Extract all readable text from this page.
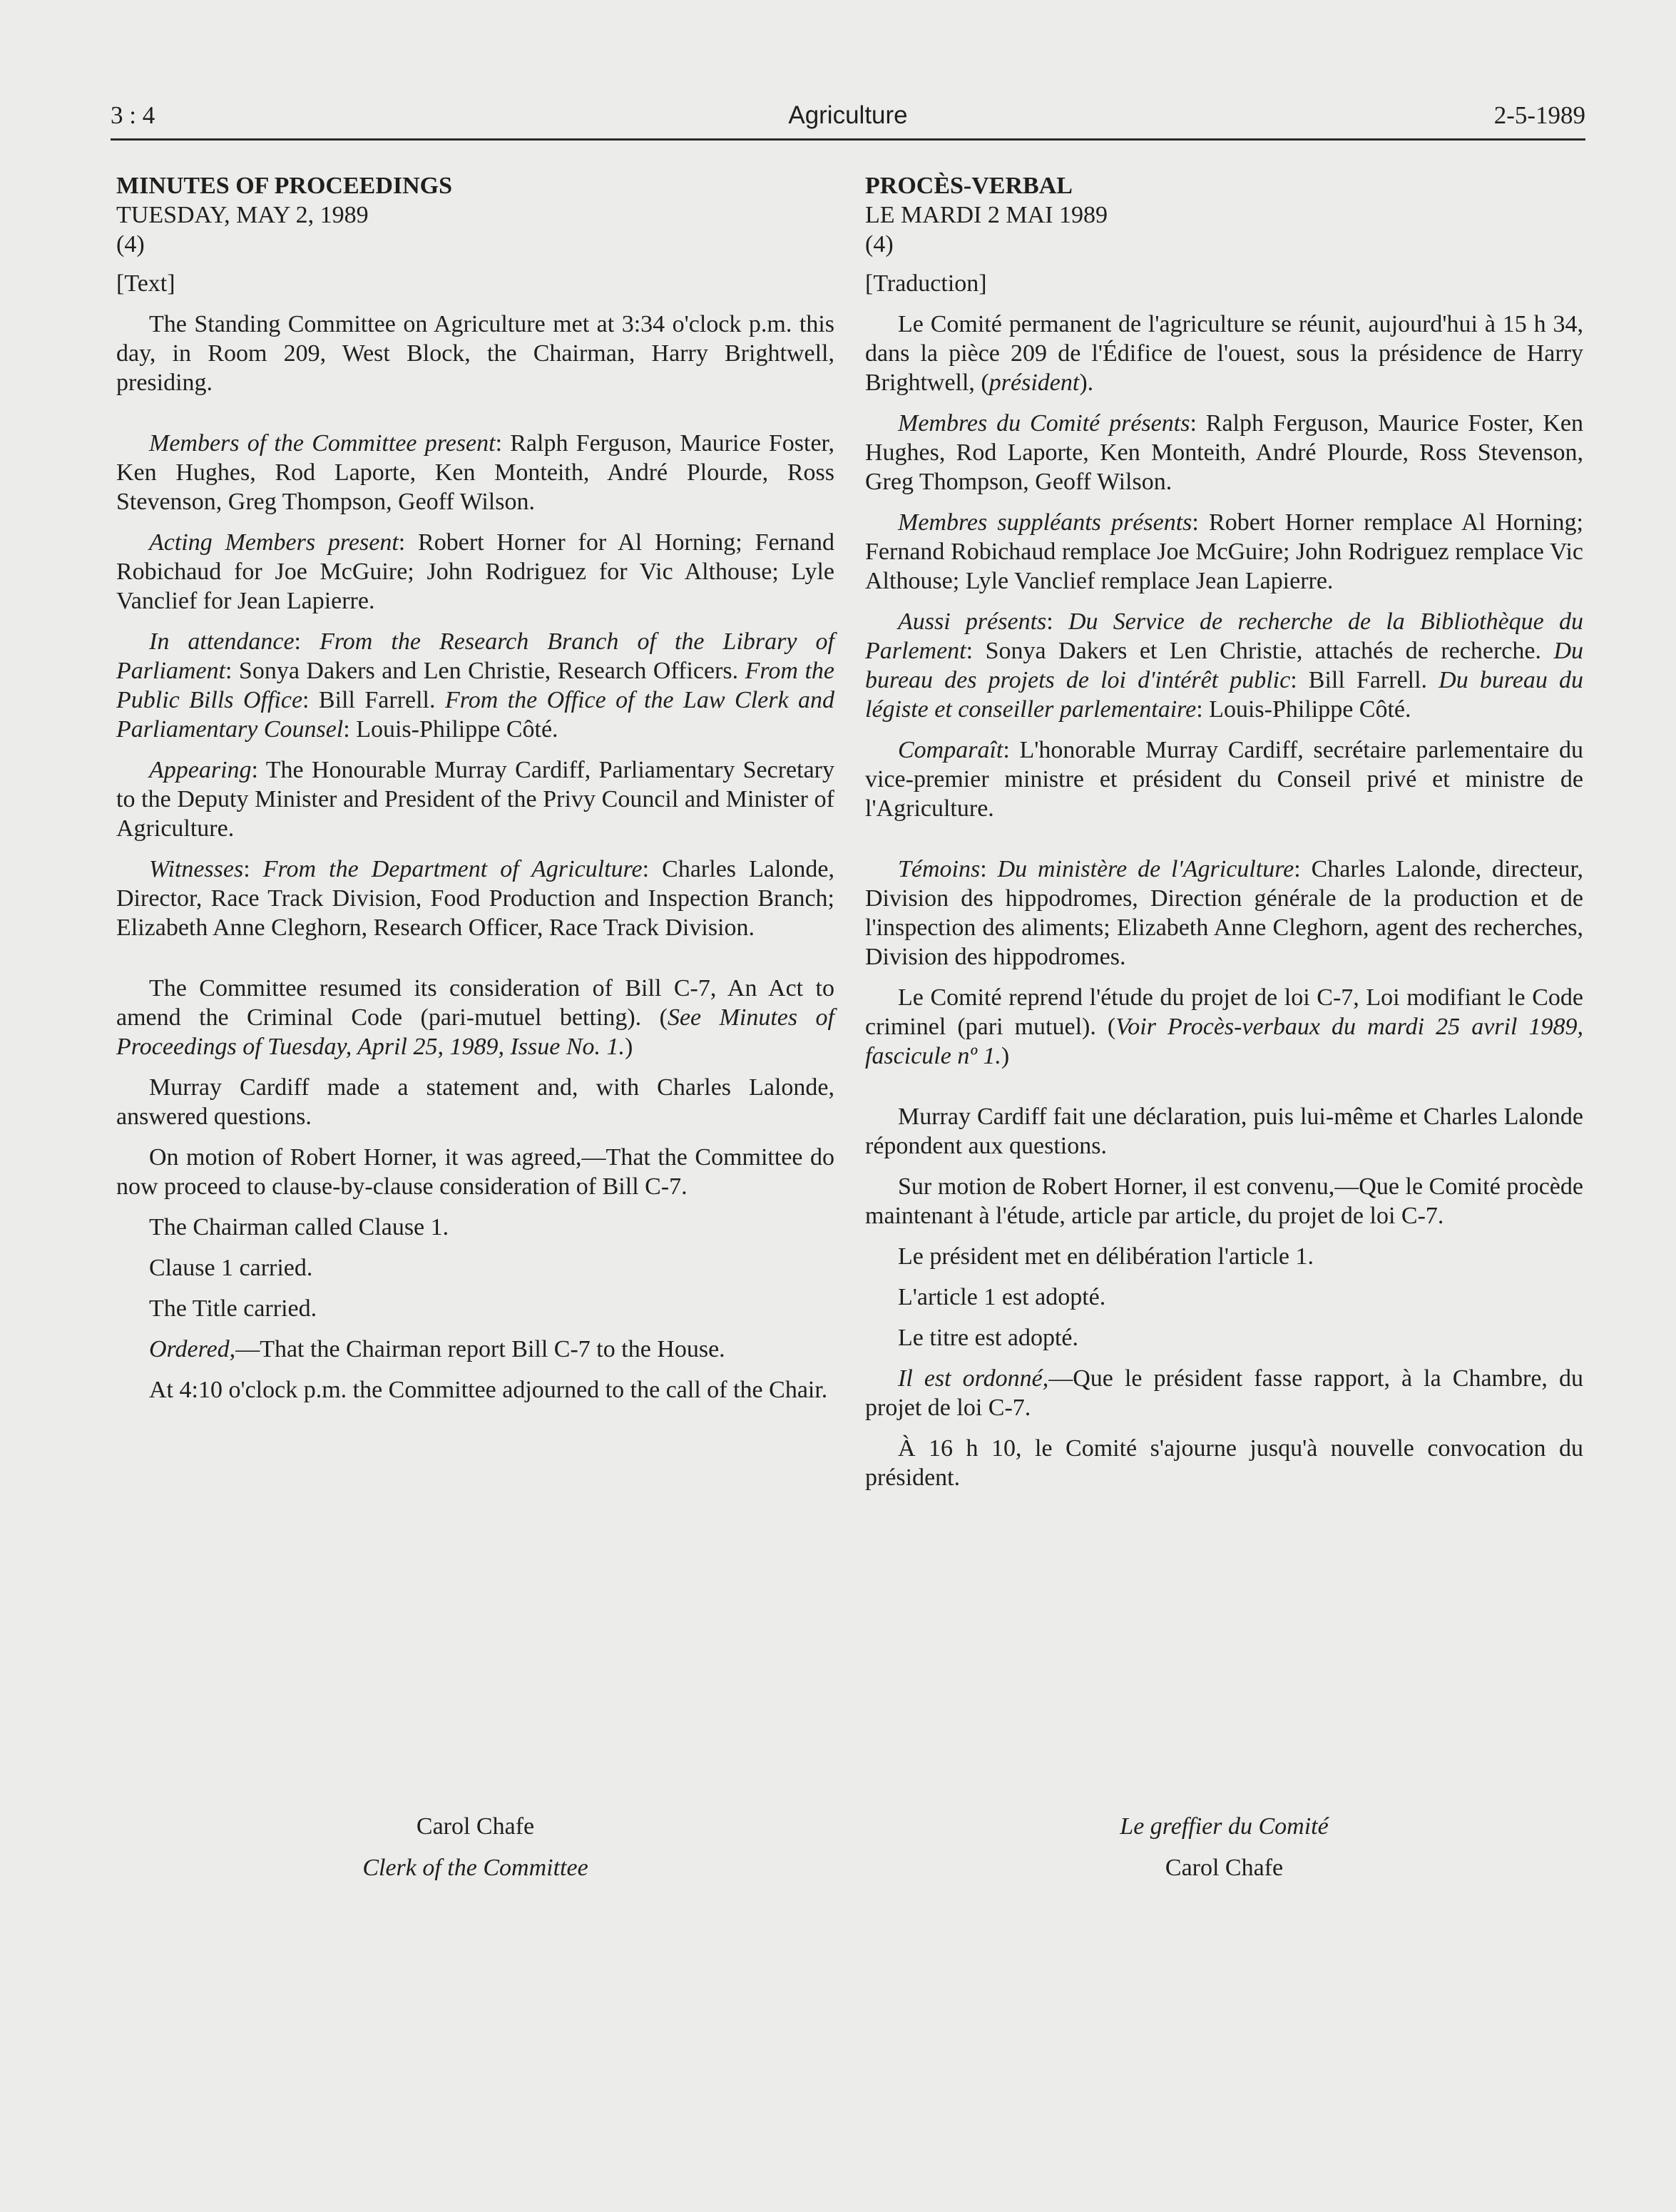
3 : 4	Agriculture	2-5-1989

MINUTES OF PROCEEDINGS

TUESDAY, MAY 2, 1989

(4)

[Text]

The Standing Committee on Agriculture met at 3:34 o'clock p.m. this day, in Room 209, West Block, the Chairman, Harry Brightwell, presiding.

Members of the Committee present: Ralph Ferguson, Maurice Foster, Ken Hughes, Rod Laporte, Ken Monteith, André Plourde, Ross Stevenson, Greg Thompson, Geoff Wilson.

Acting Members present: Robert Horner for Al Horning; Fernand Robichaud for Joe McGuire; John Rodriguez for Vic Althouse; Lyle Vanclief for Jean Lapierre.

In attendance: From the Research Branch of the Library of Parliament: Sonya Dakers and Len Christie, Research Officers. From the Public Bills Office: Bill Farrell. From the Office of the Law Clerk and Parliamentary Counsel: Louis-Philippe Côté.

Appearing: The Honourable Murray Cardiff, Parliamentary Secretary to the Deputy Minister and President of the Privy Council and Minister of Agriculture.

Witnesses: From the Department of Agriculture: Charles Lalonde, Director, Race Track Division, Food Production and Inspection Branch; Elizabeth Anne Cleghorn, Research Officer, Race Track Division.

The Committee resumed its consideration of Bill C-7, An Act to amend the Criminal Code (pari-mutuel betting). (See Minutes of Proceedings of Tuesday, April 25, 1989, Issue No. 1.)

Murray Cardiff made a statement and, with Charles Lalonde, answered questions.

On motion of Robert Horner, it was agreed,—That the Committee do now proceed to clause-by-clause consideration of Bill C-7.

The Chairman called Clause 1.

Clause 1 carried.

The Title carried.

Ordered,—That the Chairman report Bill C-7 to the House.

At 4:10 o'clock p.m. the Committee adjourned to the call of the Chair.

Carol Chafe
Clerk of the Committee

PROCÈS-VERBAL

LE MARDI 2 MAI 1989

(4)

[Traduction]

Le Comité permanent de l'agriculture se réunit, aujourd'hui à 15 h 34, dans la pièce 209 de l'Édifice de l'ouest, sous la présidence de Harry Brightwell, (président).

Membres du Comité présents: Ralph Ferguson, Maurice Foster, Ken Hughes, Rod Laporte, Ken Monteith, André Plourde, Ross Stevenson, Greg Thompson, Geoff Wilson.

Membres suppléants présents: Robert Horner remplace Al Horning; Fernand Robichaud remplace Joe McGuire; John Rodriguez remplace Vic Althouse; Lyle Vanclief remplace Jean Lapierre.

Aussi présents: Du Service de recherche de la Bibliothèque du Parlement: Sonya Dakers et Len Christie, attachés de recherche. Du bureau des projets de loi d'intérêt public: Bill Farrell. Du bureau du légiste et conseiller parlementaire: Louis-Philippe Côté.

Comparaît: L'honorable Murray Cardiff, secrétaire parlementaire du vice-premier ministre et président du Conseil privé et ministre de l'Agriculture.

Témoins: Du ministère de l'Agriculture: Charles Lalonde, directeur, Division des hippodromes, Direction générale de la production et de l'inspection des aliments; Elizabeth Anne Cleghorn, agent des recherches, Division des hippodromes.

Le Comité reprend l'étude du projet de loi C-7, Loi modifiant le Code criminel (pari mutuel). (Voir Procès-verbaux du mardi 25 avril 1989, fascicule nº 1.)

Murray Cardiff fait une déclaration, puis lui-même et Charles Lalonde répondent aux questions.

Sur motion de Robert Horner, il est convenu,—Que le Comité procède maintenant à l'étude, article par article, du projet de loi C-7.

Le président met en délibération l'article 1.

L'article 1 est adopté.

Le titre est adopté.

Il est ordonné,—Que le président fasse rapport, à la Chambre, du projet de loi C-7.

À 16 h 10, le Comité s'ajourne jusqu'à nouvelle convocation du président.

Le greffier du Comité
Carol Chafe
